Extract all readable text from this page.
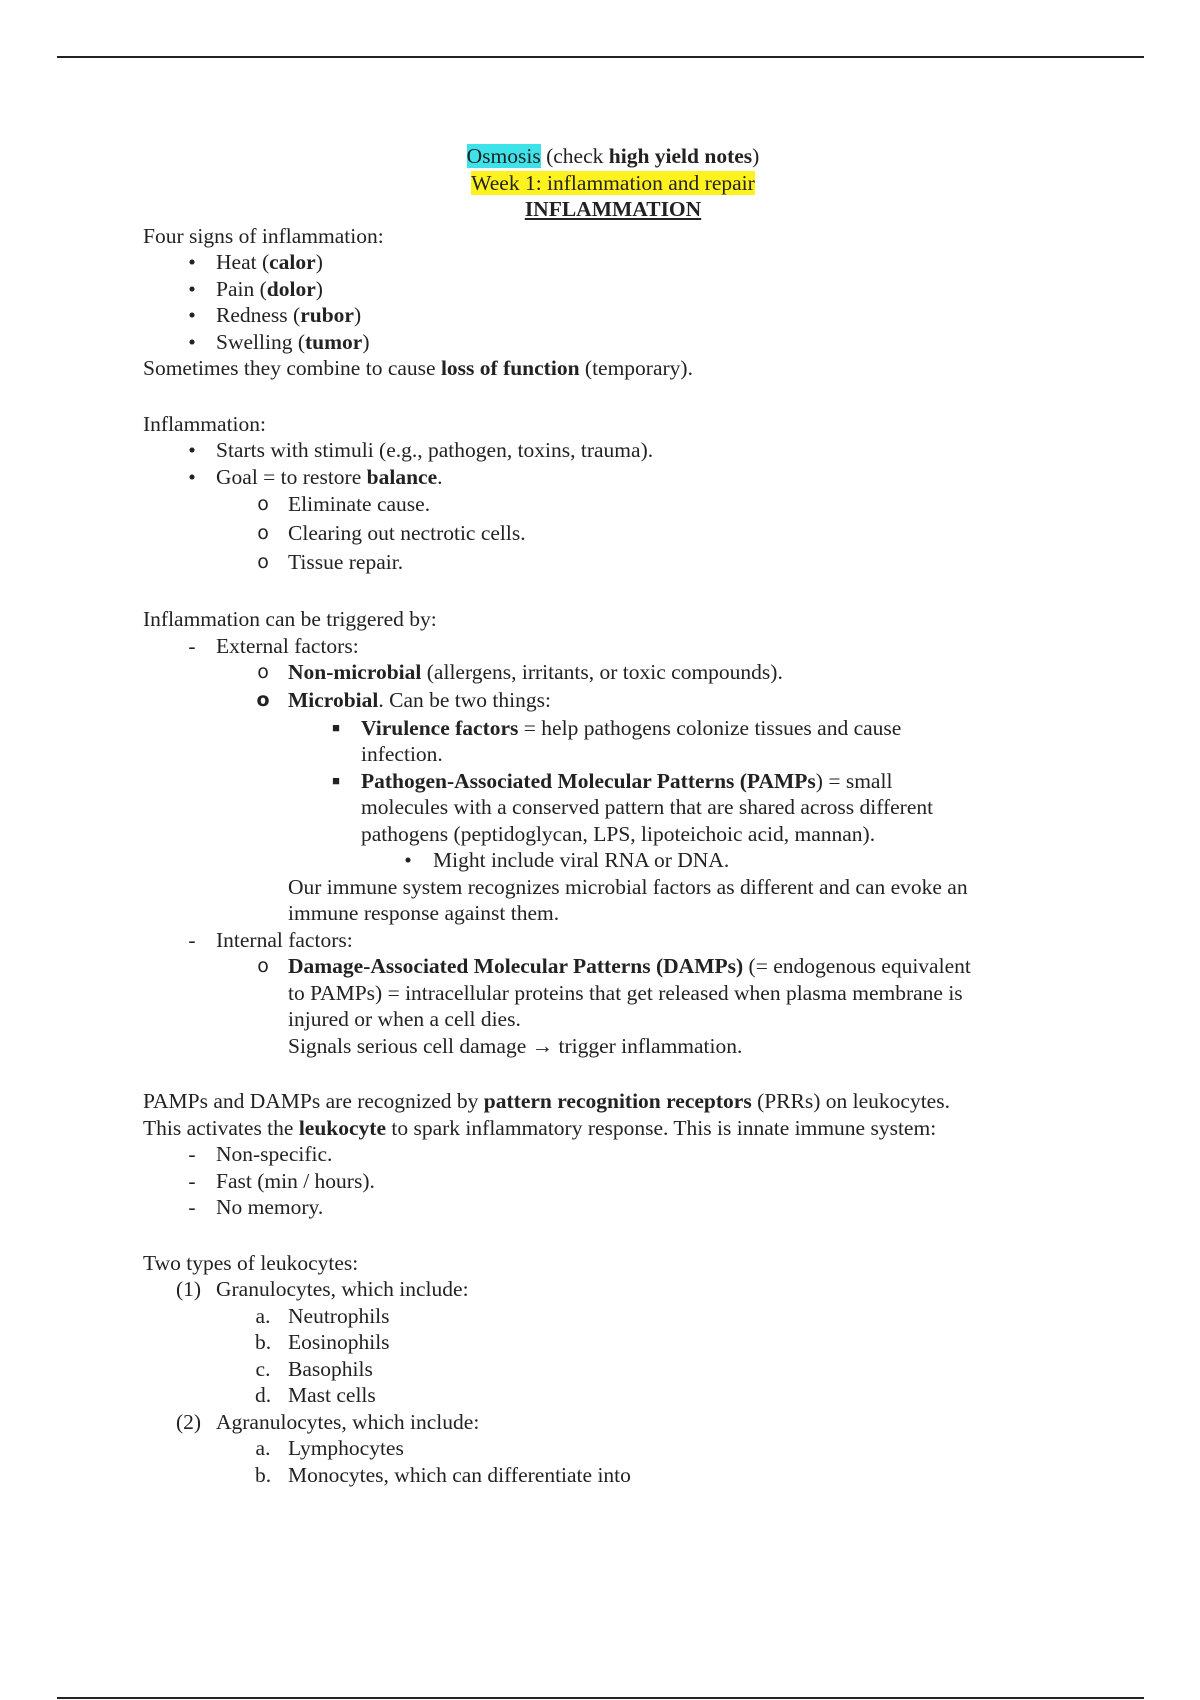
Osmosis (check high yield notes)
Week 1: inflammation and repair
INFLAMMATION
Four signs of inflammation:
• Heat (calor)
• Pain (dolor)
• Redness (rubor)
• Swelling (tumor)
Sometimes they combine to cause loss of function (temporary).
Inflammation:
• Starts with stimuli (e.g., pathogen, toxins, trauma).
• Goal = to restore balance.
o Eliminate cause.
o Clearing out nectrotic cells.
o Tissue repair.
Inflammation can be triggered by:
- External factors:
o Non-microbial (allergens, irritants, or toxic compounds).
o Microbial. Can be two things:
■ Virulence factors = help pathogens colonize tissues and cause
infection.
■ Pathogen-Associated Molecular Patterns (PAMPs) = small
molecules with a conserved pattern that are shared across different
pathogens (peptidoglycan, LPS, lipoteichoic acid, mannan).
• Might include viral RNA or DNA.
Our immune system recognizes microbial factors as different and can evoke an
immune response against them.
- Internal factors:
o Damage-Associated Molecular Patterns (DAMPs) (= endogenous equivalent
to PAMPs) = intracellular proteins that get released when plasma membrane is
injured or when a cell dies.
Signals serious cell damage → trigger inflammation.
PAMPs and DAMPs are recognized by pattern recognition receptors (PRRs) on leukocytes.
This activates the leukocyte to spark inflammatory response. This is innate immune system:
- Non-specific.
- Fast (min / hours).
- No memory.
Two types of leukocytes:
(1) Granulocytes, which include:
a. Neutrophils
b. Eosinophils
c. Basophils
d. Mast cells
(2) Agranulocytes, which include:
a. Lymphocytes
b. Monocytes, which can differentiate into
